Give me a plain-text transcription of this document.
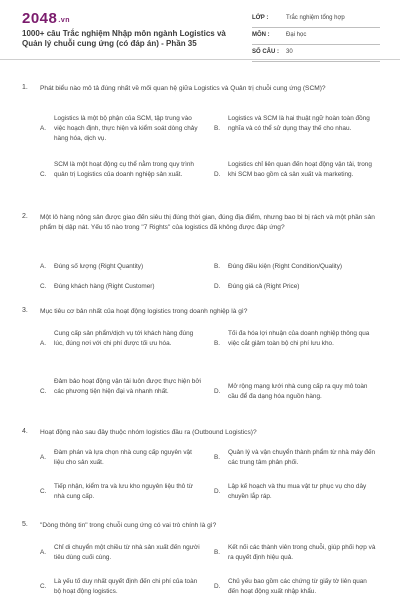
2048.vn
1000+ câu Trắc nghiệm Nhập môn ngành Logistics và Quản lý chuỗi cung ứng (có đáp án) - Phần 35
LỚP :	Trắc nghiệm tổng hợp
MÔN :	Đại học
SỐ CÂU : 30
1. Phát biểu nào mô tả đúng nhất về mối quan hệ giữa Logistics và Quản trị chuỗi cung ứng (SCM)?
A.
Logistics là một bộ phận của SCM, tập trung vào việc hoạch định, thực hiện và kiểm soát dòng chảy hàng hóa, dịch vụ.
B.
Logistics và SCM là hai thuật ngữ hoàn toàn đồng nghĩa và có thể sử dụng thay thế cho nhau.
C.
SCM là một hoạt động cụ thể nằm trong quy trình quản trị Logistics của doanh nghiệp sản xuất.	D.
Logistics chỉ liên quan đến hoạt động vận tải, trong khi SCM bao gồm cả sản xuất và marketing.
2. Một lô hàng nông sản được giao đến siêu thị đúng thời gian, đúng địa điểm, nhưng bao bì bị rách và một phần sản phẩm bị dập nát. Yếu tố nào trong "7 Rights" của logistics đã không được đáp ứng?
A. Đúng số lượng (Right Quantity)	B. Đúng điều kiện (Right Condition/Quality)
C. Đúng khách hàng (Right Customer)	D. Đúng giá cả (Right Price)
3. Mục tiêu cơ bản nhất của hoạt động logistics trong doanh nghiệp là gì?
A.
Cung cấp sản phẩm/dịch vụ tới khách hàng đúng lúc, đúng nơi với chi phí được tối ưu hóa.	B.
Tối đa hóa lợi nhuận của doanh nghiệp thông qua việc cắt giảm toàn bộ chi phí lưu kho.
C.
Đảm bảo hoạt động vận tải luôn được thực hiện bởi các phương tiện hiện đại và nhanh nhất.	D.
Mở rộng mạng lưới nhà cung cấp ra quy mô toàn cầu để đa dạng hóa nguồn hàng.
4. Hoạt động nào sau đây thuộc nhóm logistics đầu ra (Outbound Logistics)?
A.
Đàm phán và lựa chọn nhà cung cấp nguyên vật liệu cho sản xuất.
B.
Quản lý và vận chuyển thành phẩm từ nhà máy đến các trung tâm phân phối.
C.
Tiếp nhận, kiểm tra và lưu kho nguyên liệu thô từ nhà cung cấp.
D.
Lập kế hoạch và thu mua vật tư phục vụ cho dây chuyền lắp ráp.
5. "Dòng thông tin" trong chuỗi cung ứng có vai trò chính là gì?
A.
Chỉ di chuyển một chiều từ nhà sản xuất đến người tiêu dùng cuối cùng.
B.
Kết nối các thành viên trong chuỗi, giúp phối hợp và ra quyết định hiệu quả.
C.
Là yếu tố duy nhất quyết định đến chi phí của toàn bộ hoạt động logistics.
D.
Chủ yếu bao gồm các chứng từ giấy tờ liên quan đến hoạt động xuất nhập khẩu.
